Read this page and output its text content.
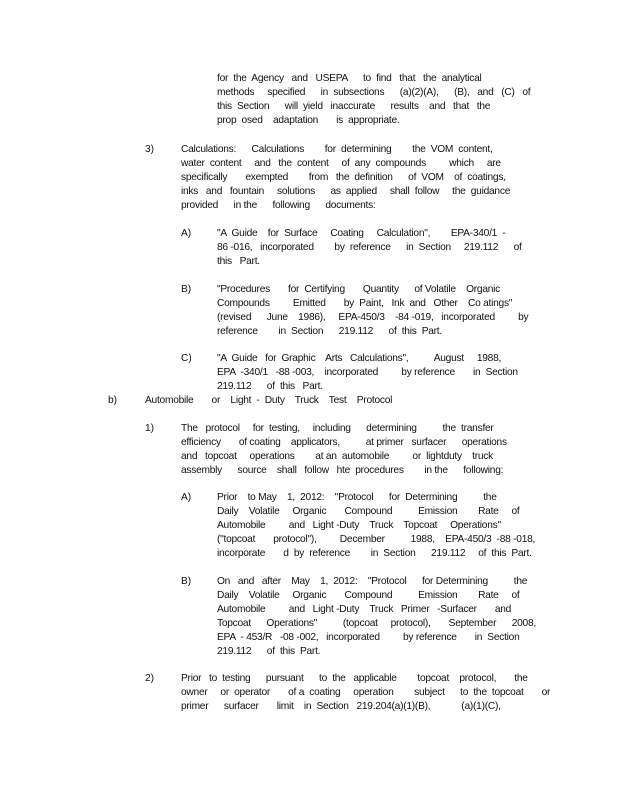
for  the  Agency   and   USEPA      to  find   that   the  analytical
methods     specified      in  subsections      (a)(2)(A),      (B),   and   (C)   of
this  Section      will  yield   inaccurate      results    and   that   the
prop  osed    adaptation       is  appropriate.
3)	Calculations:      Calculations        for  determining        the  VOM  content,
water  content     and   the  content     of  any  compounds         which     are
specifically       exempted        from   the  definition      of  VOM    of  coatings,
inks   and   fountain     solutions      as  applied     shall  follow     the  guidance
provided      in the      following      documents:
A)	"A  Guide    for  Surface     Coating     Calculation",        EPA-340/1  -
86 -016,   incorporated        by  reference      in  Section     219.112      of
this   Part.
B)	"Procedures       for  Certifying       Quantity      of Volatile    Organic
Compounds         Emitted       by  Paint,   Ink  and   Other    Co atings"
(revised      June    1986),     EPA-450/3    -84 -019,   incorporated         by
reference        in  Section      219.112      of  this  Part.
C) "A  Guide   for  Graphic    Arts   Calculations",          August     1988,
EPA  -340/1   -88 -003,    incorporated         by reference       in  Section
219.112      of  this   Part.
b)	Automobile       or    Light  -  Duty    Truck    Test    Protocol
1)	The   protocol     for  testing,     including      determining          the  transfer
efficiency       of coating    applicators,          at primer   surfacer      operations
and   topcoat     operations        at an  automobile         or  lightduty    truck
assembly      source    shall   follow   hte  procedures        in the      following:
A)	Prior    to May    1,  2012:    "Protocol      for  Determining          the
Daily    Volatile     Organic       Compound          Emission        Rate     of
Automobile         and   Light -Duty    Truck    Topcoat     Operations"
("topcoat       protocol"),         December          1988,    EPA-450/3  -88 -018,
incorporate       d  by  reference        in  Section      219.112     of  this  Part.
B)	On   and   after    May    1,  2012:    "Protocol      for Determining          the
Daily    Volatile     Organic       Compound          Emission        Rate     of
Automobile         and   Light -Duty    Truck   Primer   -Surfacer       and
Topcoat      Operations"          (topcoat     protocol),       September      2008,
EPA  - 453/R   -08 -002,   incorporated         by reference       in  Section
219.112      of  this  Part.
2)	Prior   to  testing      pursuant      to  the   applicable        topcoat    protocol,       the
owner     or  operator       of a  coating     operation        subject      to  the  topcoat       or
primer      surfacer       limit    in  Section   219.204(a)(1)(B),            (a)(1)(C),
